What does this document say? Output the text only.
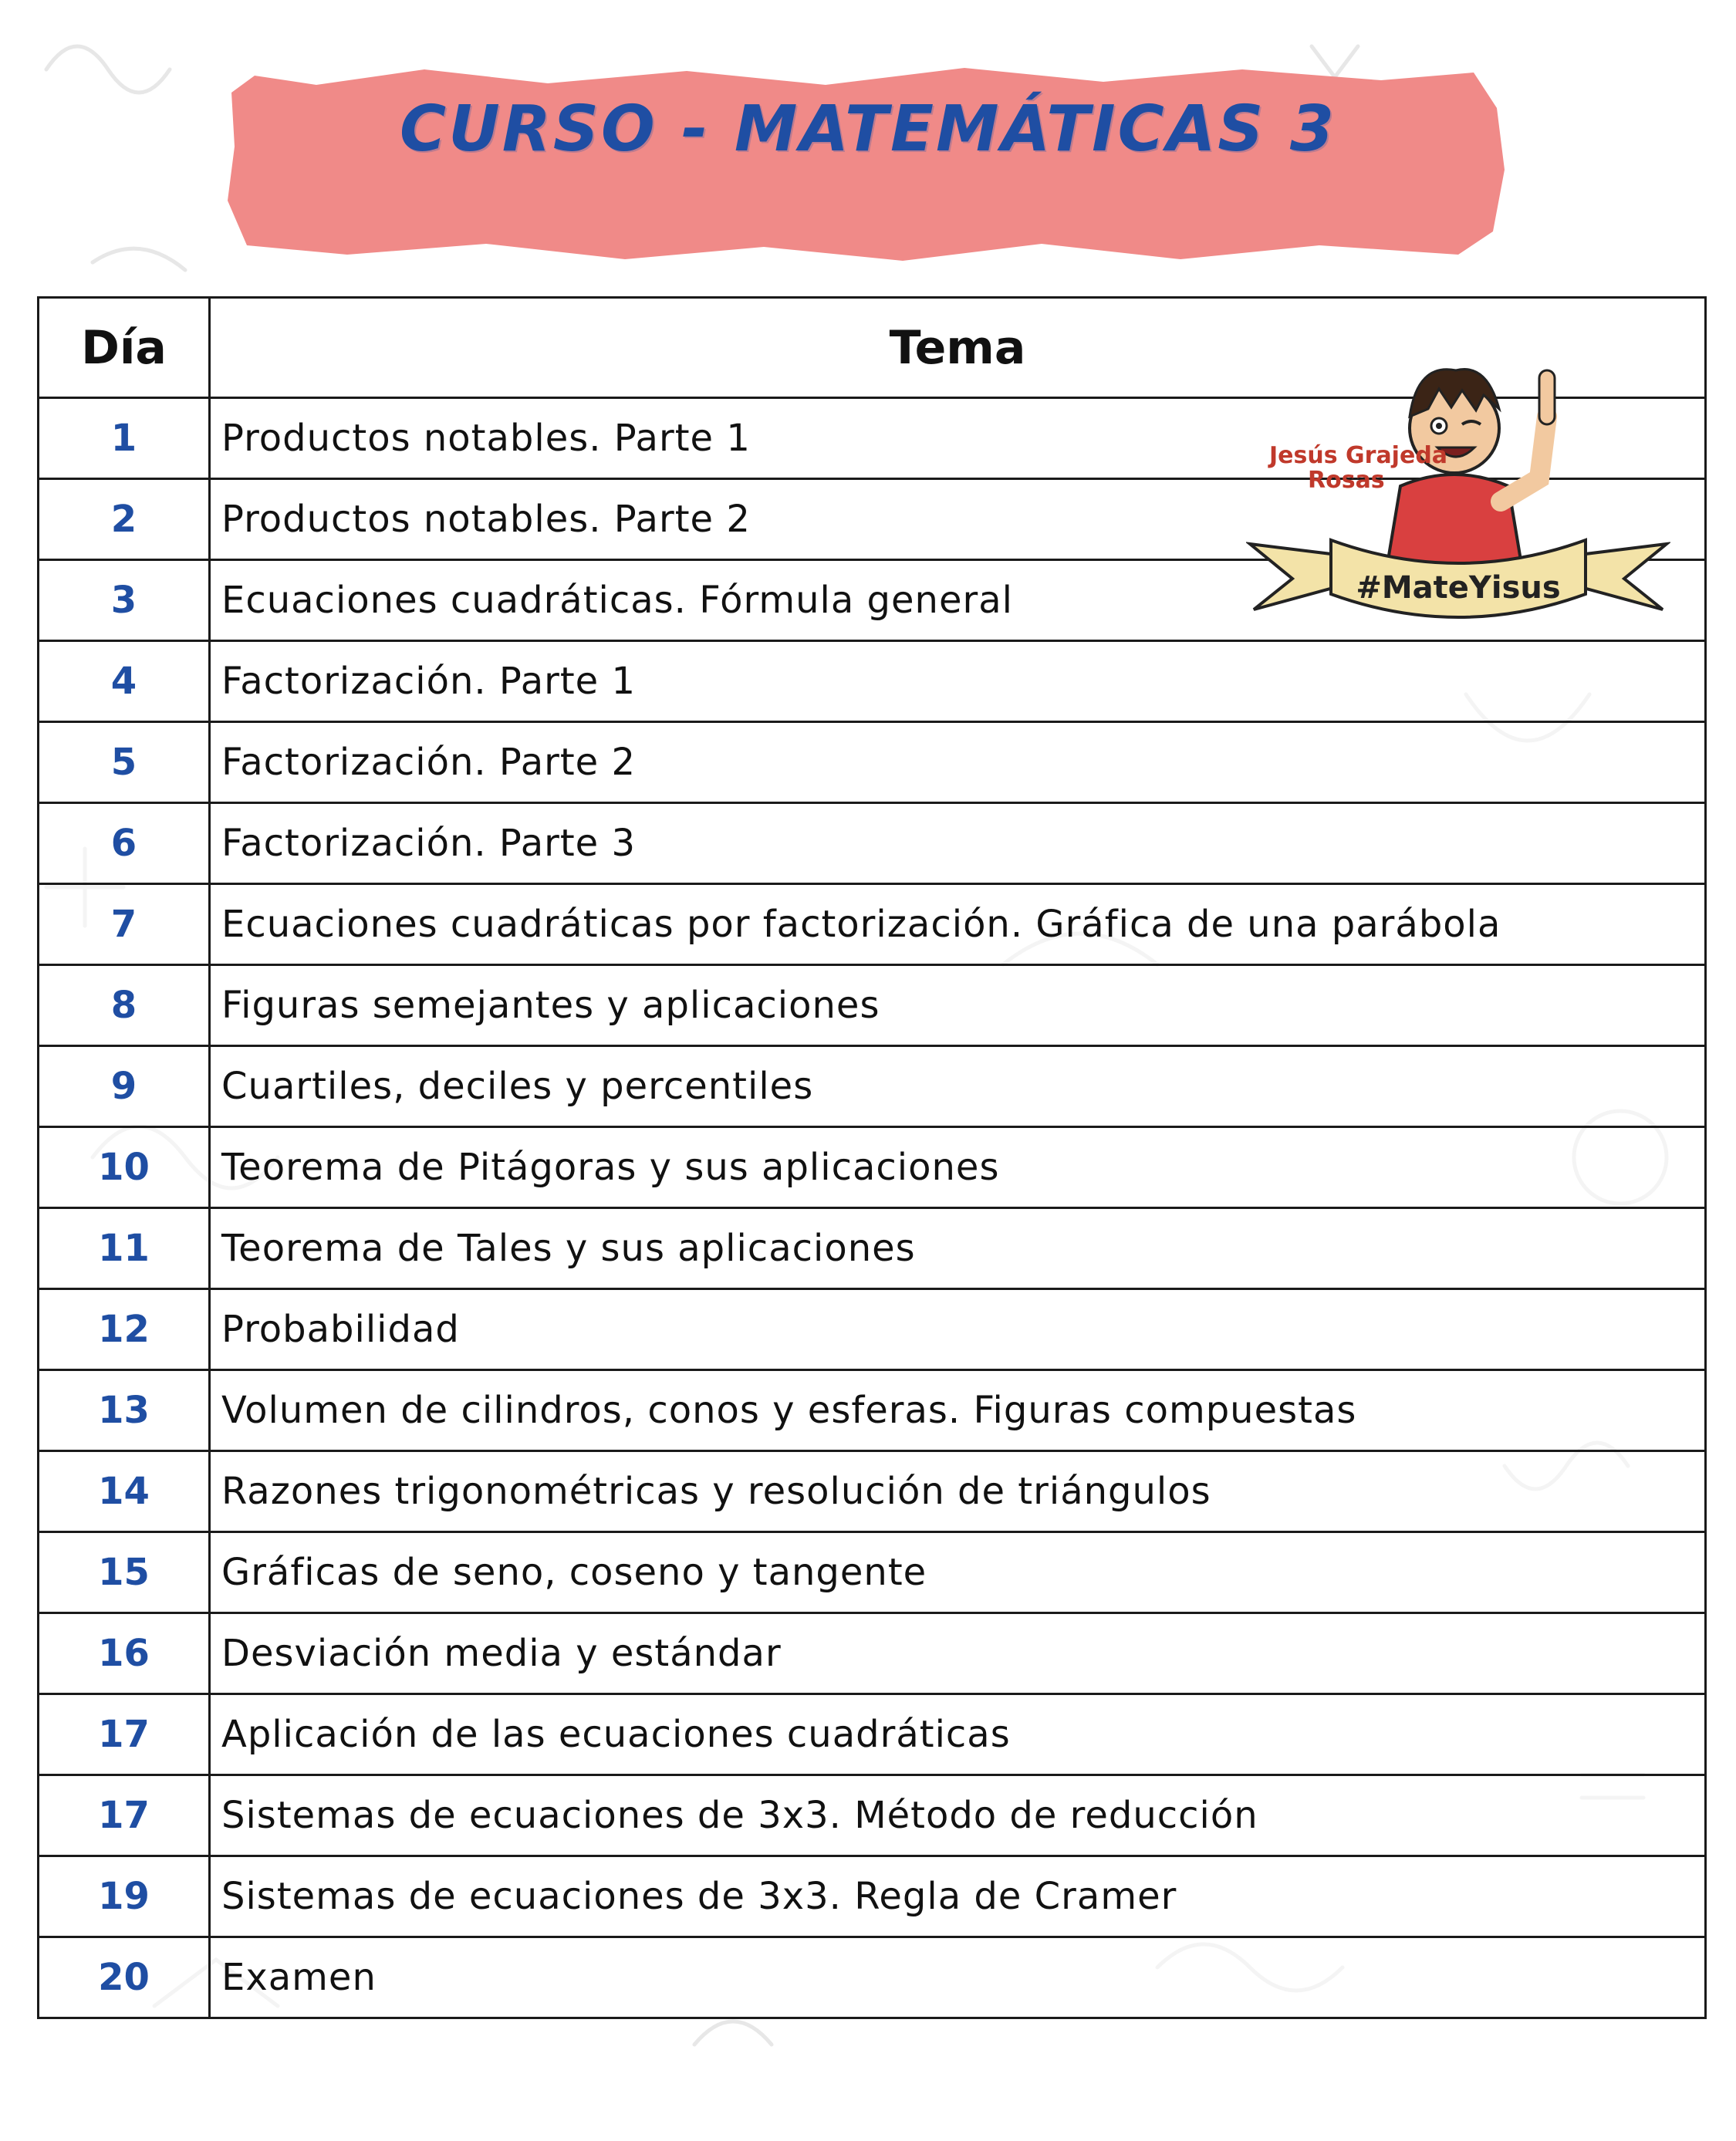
CURSO - MATEMÁTICAS 3
Día	Tema
1	Productos notables. Parte 1
2	Productos notables. Parte 2
3	Ecuaciones cuadráticas. Fórmula general
4	Factorización. Parte 1
5	Factorización. Parte 2
6	Factorización. Parte 3
7	Ecuaciones cuadráticas por factorización. Gráfica de una parábola
8	Figuras semejantes y aplicaciones
9	Cuartiles, deciles y percentiles
10	Teorema de Pitágoras y sus aplicaciones
11	Teorema de Tales y sus aplicaciones
12	Probabilidad
13	Volumen de cilindros, conos y esferas. Figuras compuestas
14	Razones trigonométricas y resolución de triángulos
15	Gráficas de seno, coseno y tangente
16	Desviación media y estándar
17	Aplicación de las ecuaciones cuadráticas
17	Sistemas de ecuaciones de 3x3. Método de reducción
19	Sistemas de ecuaciones de 3x3. Regla de Cramer
20	Examen
Jesús Grajeda
Rosas
#MateYisus
